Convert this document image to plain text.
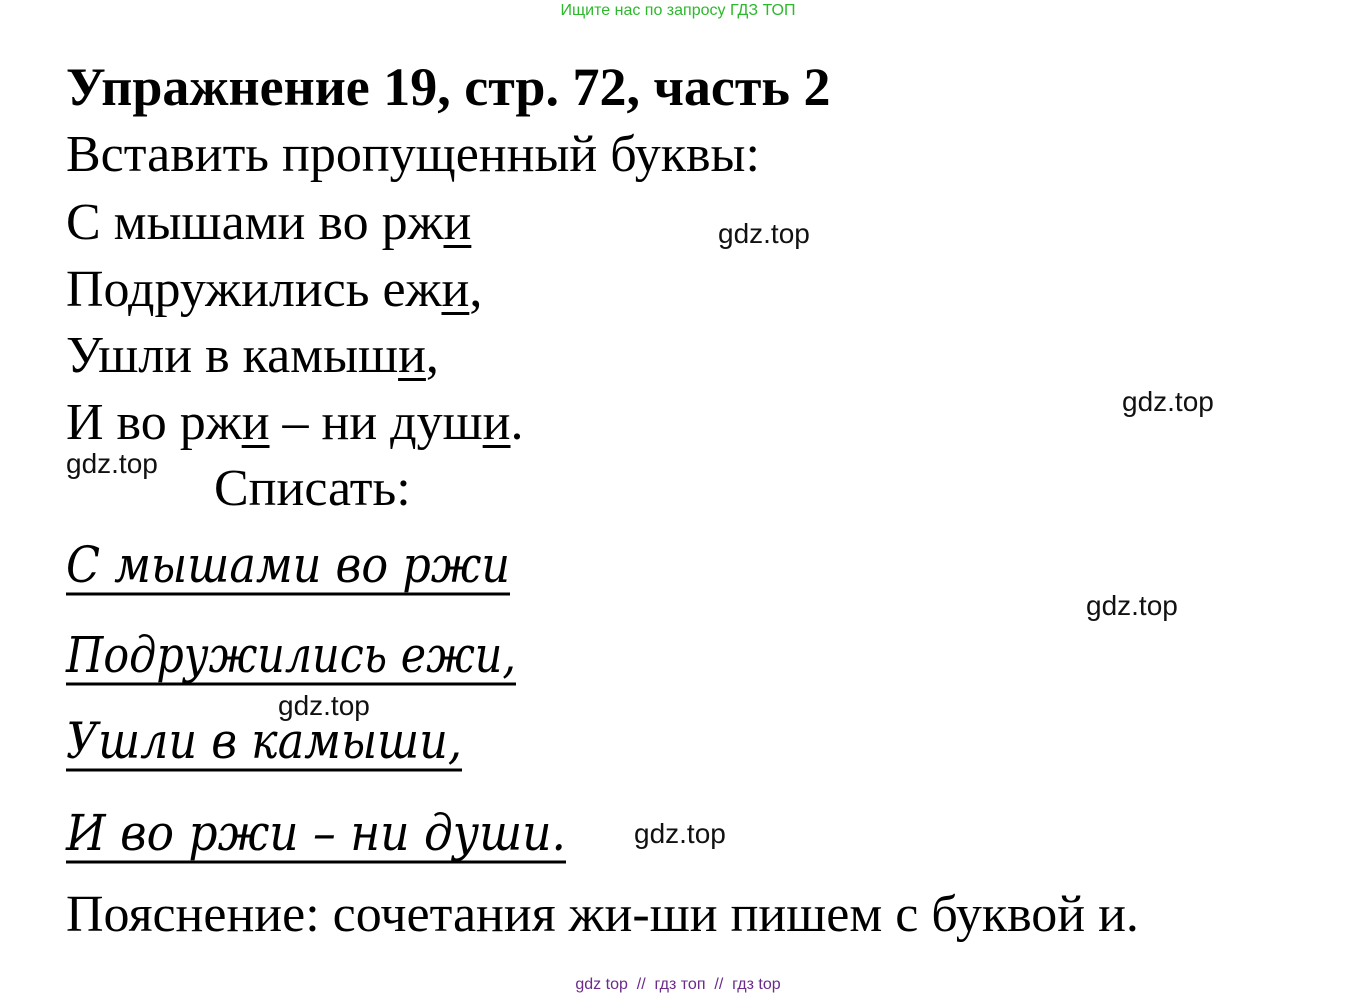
Ищите нас по запросу ГДЗ ТОП
Упражнение 19, стр. 72, часть 2
Вставить пропущенный буквы:
С мышами во ржи
Подружились ежи,
Ушли в камыши,
И во ржи – ни души.
Списать:
С мышами во ржи
Подружились ежи,
Ушли в камыши,
И во ржи – ни души.
Пояснение: сочетания жи-ши пишем с буквой и.
gdz.top
gdz.top
gdz.top
gdz.top
gdz.top
gdz.top
gdz top  //  гдз топ  //  гдз top
